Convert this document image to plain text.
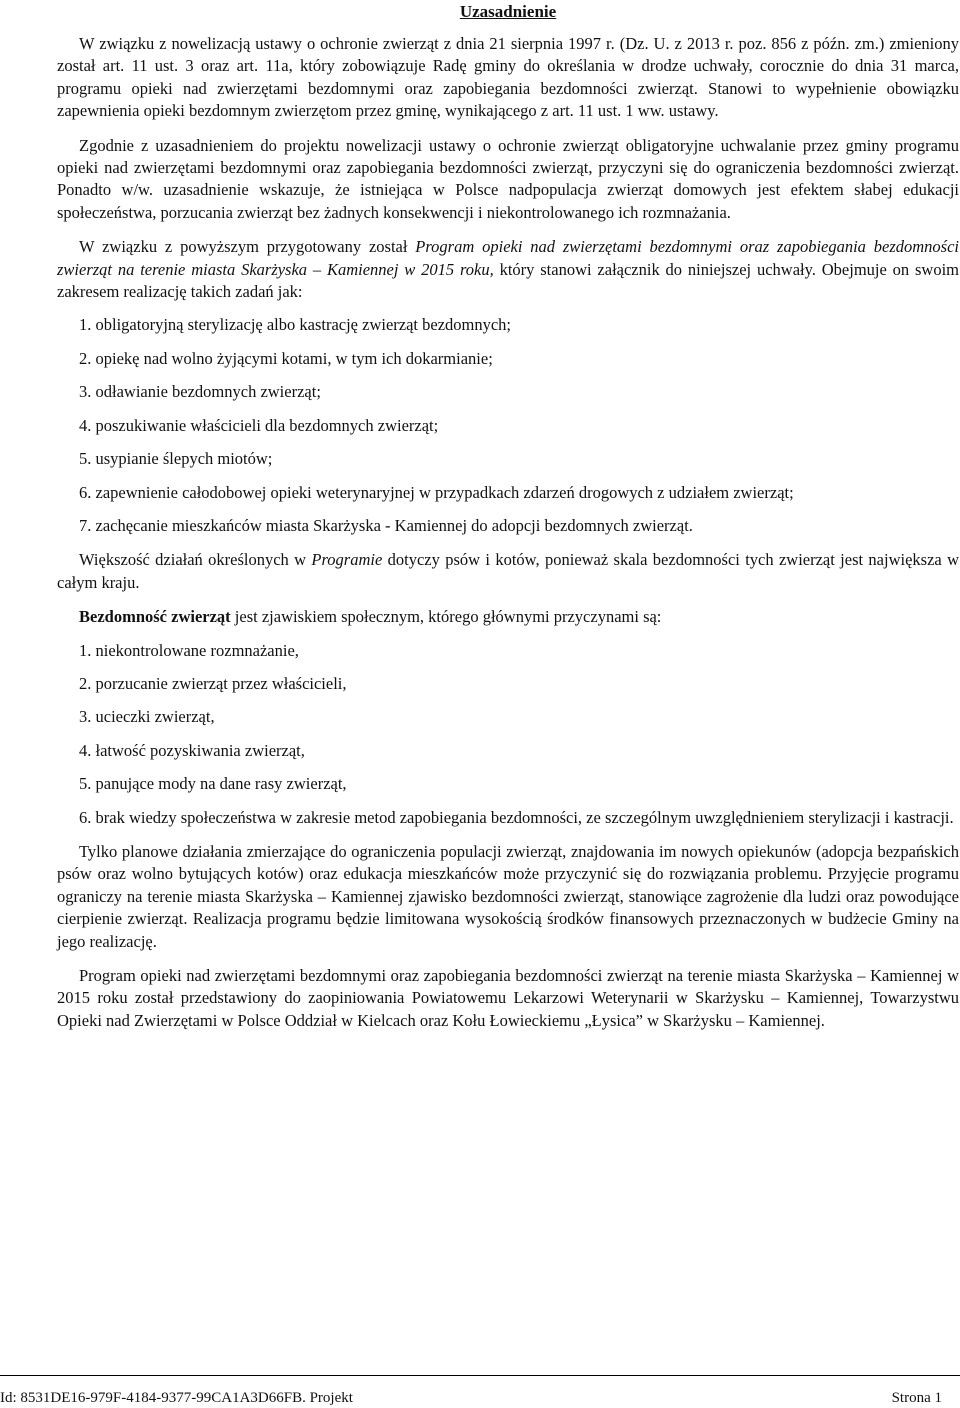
Uzasadnienie

W związku z nowelizacją ustawy o ochronie zwierząt z dnia 21 sierpnia 1997 r. (Dz. U. z 2013 r. poz. 856 z późn. zm.) zmieniony został art. 11 ust. 3 oraz art. 11a, który zobowiązuje Radę gminy do określania w drodze uchwały, corocznie do dnia 31 marca, programu opieki nad zwierzętami bezdomnymi oraz zapobiegania bezdomności zwierząt. Stanowi to wypełnienie obowiązku zapewnienia opieki bezdomnym zwierzętom przez gminę, wynikającego z art. 11 ust. 1 ww. ustawy.

Zgodnie z uzasadnieniem do projektu nowelizacji ustawy o ochronie zwierząt obligatoryjne uchwalanie przez gminy programu opieki nad zwierzętami bezdomnymi oraz zapobiegania bezdomności zwierząt, przyczyni się do ograniczenia bezdomności zwierząt. Ponadto w/w. uzasadnienie wskazuje, że istniejąca w Polsce nadpopulacja zwierząt domowych jest efektem słabej edukacji społeczeństwa, porzucania zwierząt bez żadnych konsekwencji i niekontrolowanego ich rozmnażania.

W związku z powyższym przygotowany został Program opieki nad zwierzętami bezdomnymi oraz zapobiegania bezdomności zwierząt na terenie miasta Skarżyska – Kamiennej w 2015 roku, który stanowi załącznik do niniejszej uchwały. Obejmuje on swoim zakresem realizację takich zadań jak:

1. obligatoryjną sterylizację albo kastrację zwierząt bezdomnych;

2. opiekę nad wolno żyjącymi kotami, w tym ich dokarmianie;

3. odławianie bezdomnych zwierząt;

4. poszukiwanie właścicieli dla bezdomnych zwierząt;

5. usypianie ślepych miotów;

6. zapewnienie całodobowej opieki weterynaryjnej w przypadkach zdarzeń drogowych z udziałem zwierząt;

7. zachęcanie mieszkańców miasta Skarżyska - Kamiennej do adopcji bezdomnych zwierząt.

Większość działań określonych w Programie dotyczy psów i kotów, ponieważ skala bezdomności tych zwierząt jest największa w całym kraju.

Bezdomność zwierząt jest zjawiskiem społecznym, którego głównymi przyczynami są:

1. niekontrolowane rozmnażanie,

2. porzucanie zwierząt przez właścicieli,

3. ucieczki zwierząt,

4. łatwość pozyskiwania zwierząt,

5. panujące mody na dane rasy zwierząt,

6. brak wiedzy społeczeństwa w zakresie metod zapobiegania bezdomności, ze szczególnym uwzględnieniem sterylizacji i kastracji.

Tylko planowe działania zmierzające do ograniczenia populacji zwierząt, znajdowania im nowych opiekunów (adopcja bezpańskich psów oraz wolno bytujących kotów) oraz edukacja mieszkańców może przyczynić się do rozwiązania problemu. Przyjęcie programu ograniczy na terenie miasta Skarżyska – Kamiennej zjawisko bezdomności zwierząt, stanowiące zagrożenie dla ludzi oraz powodujące cierpienie zwierząt. Realizacja programu będzie limitowana wysokością środków finansowych przeznaczonych w budżecie Gminy na jego realizację.

Program opieki nad zwierzętami bezdomnymi oraz zapobiegania bezdomności zwierząt na terenie miasta Skarżyska – Kamiennej w 2015 roku został przedstawiony do zaopiniowania Powiatowemu Lekarzowi Weterynarii w Skarżysku – Kamiennej, Towarzystwu Opieki nad Zwierzętami w Polsce Oddział w Kielcach oraz Kołu Łowieckiemu „Łysica” w Skarżysku – Kamiennej.

Id: 8531DE16-979F-4184-9377-99CA1A3D66FB. Projekt	Strona 1
